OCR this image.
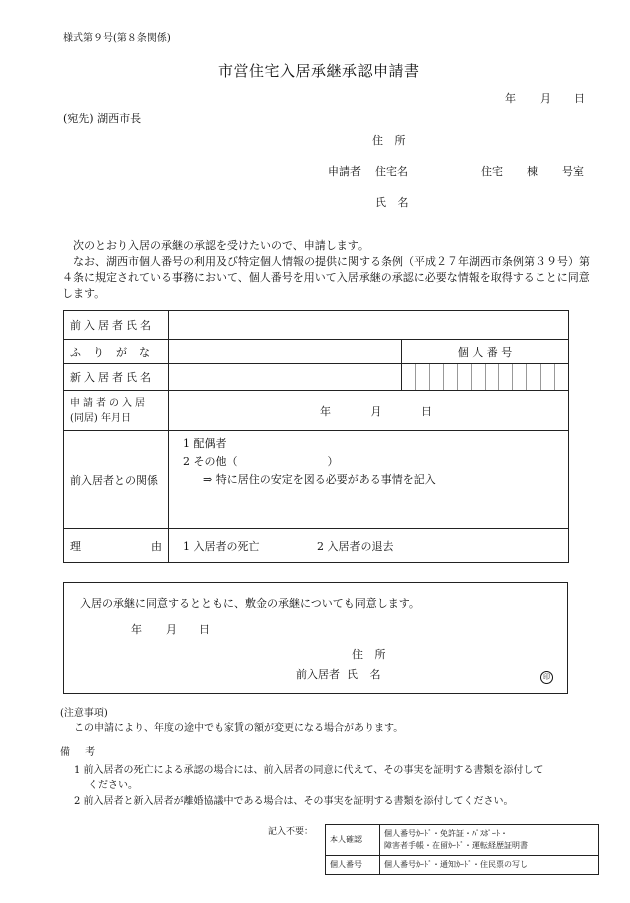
様式第９号(第８条関係)
市営住宅入居承継承認申請書
年 月 日
(宛先) 湖西市長
住 所
申請者 住宅名	住宅 棟 号室
氏 名
次のとおり入居の承継の承認を受けたいので、申請します。
なお、湖西市個人番号の利用及び特定個人情報の提供に関する条例（平成２７年湖西市条例第３９号）第４条に規定されている事務において、個人番号を用いて入居承継の承認に必要な情報を取得することに同意します。
前入居者氏名		
ふりがな		個 人 番 号
新入居者氏名		

申請者の入居
(同居) 年月日	年 月 日	
前入居者との関係	1 配偶者
2 その他（ ）
⇒ 特に居住の安定を図る必要がある事情を記入	

理 由	1 入居者の死亡 2 入居者の退去	
入居の承継に同意するとともに、敷金の承継についても同意します。
年 月 日
住 所
前入居者 氏 名	印
(注意事項)
この申請により、年度の途中でも家賃の額が変更になる場合があります。
備 考
1 前入居者の死亡による承認の場合には、前入居者の同意に代えて、その事実を証明する書類を添付して
ください。
2 前入居者と新入居者が離婚協議中である場合は、その事実を証明する書類を添付してください。
記入不要：
本人確認	個人番号ｶｰﾄﾞ・免許証・ﾊﾟｽﾎﾟｰﾄ・
障害者手帳・在留ｶｰﾄﾞ・運転経歴証明書

個人番号	個人番号ｶｰﾄﾞ・通知ｶｰﾄﾞ・住民票の写し
